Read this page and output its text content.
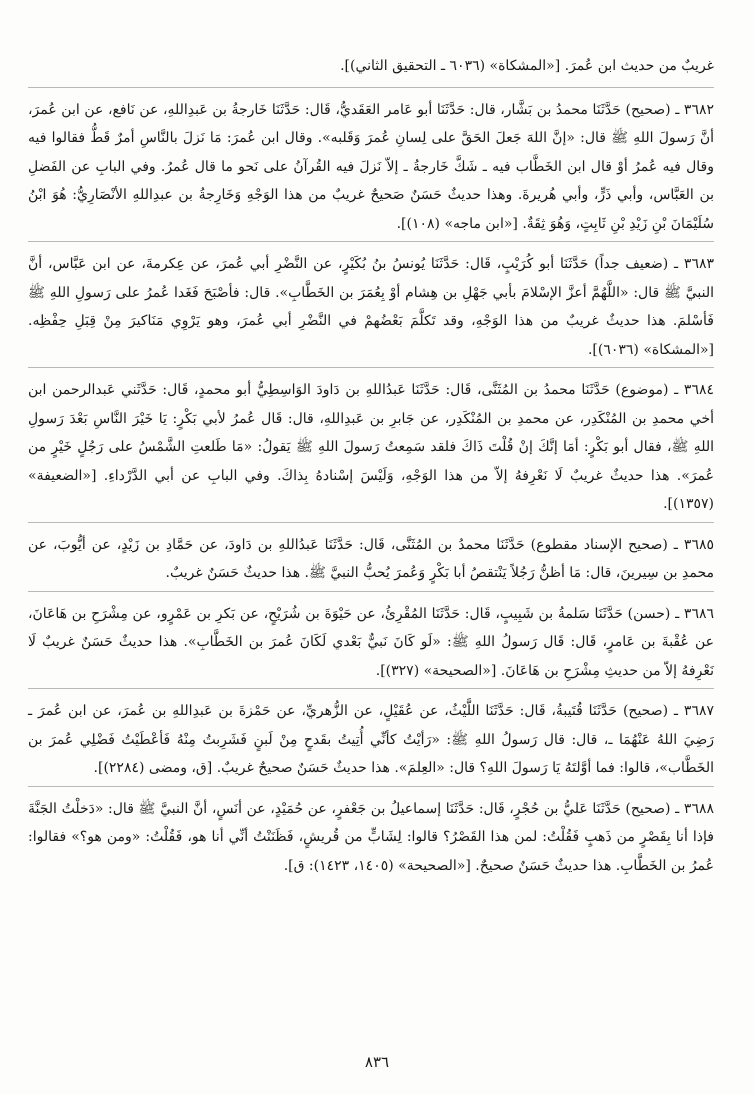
غريبٌ من حديث ابن عُمرَ. [«المشكاة» (٦٠٣٦ ـ التحقيق الثاني)].

٣٦٨٢ ـ (صحيح) حَدَّثَنَا محمدُ بن بَشَّار، قال: حَدَّثَنَا أبو عَامر العَقَديُّ، قَال: حَدَّثَنَا خَارجةُ بن عَبدِاللهِ، عن نَافع، عن ابن عُمرَ، أنَّ رَسولَ اللهِ ﷺ قال: «إنَّ اللهَ جَعلَ الحَقَّ على لِسانِ عُمرَ وَقَلبه». وقال ابن عُمرَ: مَا نَزلَ بالنَّاسِ أمرٌ قَطُّ فقالوا فيه وقال فيه عُمرُ أوْ قال ابن الخَطَّاب فيه ـ شَكَّ خَارجةُ ـ إلاّ نَزلَ فيه القُرآنُ على نَحو ما قال عُمرُ. وفي البابِ عن الفَضلِ بن العَبَّاس، وأبي ذَرٍّ، وأبي هُريرةَ. وهذا حديثٌ حَسَنٌ صَحيحٌ غريبٌ من هذا الوَجْهِ وَخَارِجةُ بن عبدِاللهِ الأنْصَارِيُّ: هُوَ ابْنُ سُلَيْمَانَ بْنِ زَيْدِ بْنِ ثَابِتٍ، وَهُوَ ثِقَةٌ. [«ابن ماجه» (١٠٨)].

٣٦٨٣ ـ (ضعيف جداً) حَدَّثَنَا أبو كُرَيْبٍ، قَال: حَدَّثَنَا يُونسُ بنُ بُكَيْرٍ، عن النَّضْرِ أبي عُمرَ، عن عِكرمةَ، عن ابن عَبَّاس، أنَّ النبيَّ ﷺ قال: «اللَّهُمَّ أعزَّ الإسْلامَ بأبي جَهْلِ بن هِشام أوْ بِعُمَرَ بن الخَطَّابِ». قال: فأصْبَحَ فَغَدا عُمرُ على رَسولِ اللهِ ﷺ فَأسْلمَ. هذا حديثٌ غريبٌ من هذا الوَجْهِ، وقد تَكلَّمَ بَعْضُهمْ في النَّضْرِ أبي عُمرَ، وهو يَرْوِي مَنَاكيرَ مِنْ قِبَلِ حِفْظِه. [«المشكاة» (٦٠٣٦)].

٣٦٨٤ ـ (موضوع) حَدَّثَنَا محمدُ بن المُثَنَّى، قَال: حَدَّثَنَا عَبدُاللهِ بن دَاودَ الوَاسِطِيُّ أبو محمدٍ، قَال: حَدَّثَني عَبدالرحمن ابن أخي محمدِ بن المُنْكَدِر، عن محمدِ بن المُنْكَدِر، عن جَابرِ بن عَبدِاللهِ، قال: قَال عُمرُ لأبي بَكْرٍ: يَا خَيْرَ النَّاسِ بَعْدَ رَسولِ اللهِ ﷺ، فقال أبو بَكْرٍ: أمَا إنَّكَ إنْ قُلْتَ ذَاكَ فلقد سَمِعتُ رَسولَ اللهِ ﷺ يَقولُ: «مَا طَلعتِ الشَّمْسُ على رَجُلٍ خَيْرٍ من عُمرَ». هذا حديثٌ غريبٌ لَا نَعْرِفهُ إلاّ من هذا الوَجْهِ، وَلَيْسَ إسْنادهُ بِذاكَ. وفي البابِ عن أبي الدَّرْداءِ. [«الضعيفة» (١٣٥٧)].

٣٦٨٥ ـ (صحيح الإسناد مقطوع) حَدَّثَنَا محمدُ بن المُثَنَّى، قَال: حَدَّثَنَا عَبدُاللهِ بن دَاودَ، عن حَمَّادِ بن زَيْدٍ، عن أيُّوبَ، عن محمدِ بن سِيرينَ، قال: مَا أظنُّ رَجُلاً يَنْتقصُ أبا بَكْرٍ وَعُمرَ يُحبُّ النبيَّ ﷺ. هذا حديثٌ حَسَنٌ غريبٌ.

٣٦٨٦ ـ (حسن) حَدَّثَنَا سَلمةُ بن شَبِيبٍ، قَال: حَدَّثَنَا المُقْرِئُ، عن حَيْوَةَ بن شُرَيْحٍ، عن بَكرِ بن عَمْرٍو، عن مِشْرَحِ بن هَاعَانَ، عن عُقْبةَ بن عَامرٍ، قَال: قَال رَسولُ اللهِ ﷺ: «لَو كَانَ نَبيٌّ بَعْدي لَكَانَ عُمرَ بن الخَطَّابِ». هذا حديثٌ حَسَنٌ غريبٌ لَا نَعْرِفهُ إلاّ من حديثِ مِشْرَحِ بن هَاعَانَ. [«الصحيحة» (٣٢٧)].

٣٦٨٧ ـ (صحيح) حَدَّثَنَا قُتَيبةُ، قَال: حَدَّثَنَا اللَّيْثُ، عن عُقَيْلٍ، عن الزُّهريِّ، عن حَمْزةَ بن عَبدِاللهِ بن عُمرَ، عن ابن عُمرَ ـ رَضِيَ اللهُ عَنْهُمَا ـ، قال: قال رَسولُ اللهِ ﷺ: «رَأيْتُ كأنِّي أُتِيتُ بقَدحٍ مِنْ لَبنٍ فَشَرِبتُ مِنْهُ فَأعْطَيْتُ فَضْلِي عُمرَ بن الخَطَّاب»، قالوا: فما أوَّلتَهُ يَا رَسولَ اللهِ؟ قال: «العِلمَ». هذا حديثٌ حَسَنٌ صحيحٌ غريبٌ. [ق، ومضى (٢٢٨٤)].

٣٦٨٨ ـ (صحيح) حَدَّثَنَا عَليُّ بن حُجْرٍ، قَال: حَدَّثَنَا إسماعيلُ بن جَعْفرٍ، عن حُمَيْدٍ، عن أنَسٍ، أنَّ النبيَّ ﷺ قال: «دَخلْتُ الجَنَّةَ فإذا أنا بِقَصْرٍ من ذَهبٍ فَقُلْتُ: لمن هذا القَصْرُ؟ قالوا: لِشَابٍّ من قُريشٍ، فَظَنَنْتُ أنِّي أنا هو، فَقُلْتُ: «ومن هو؟» فقالوا: عُمرُ بن الخَطَّابِ. هذا حديثٌ حَسَنٌ صحيحٌ. [«الصحيحة» (١٤٠٥، ١٤٢٣): ق].

٨٣٦
